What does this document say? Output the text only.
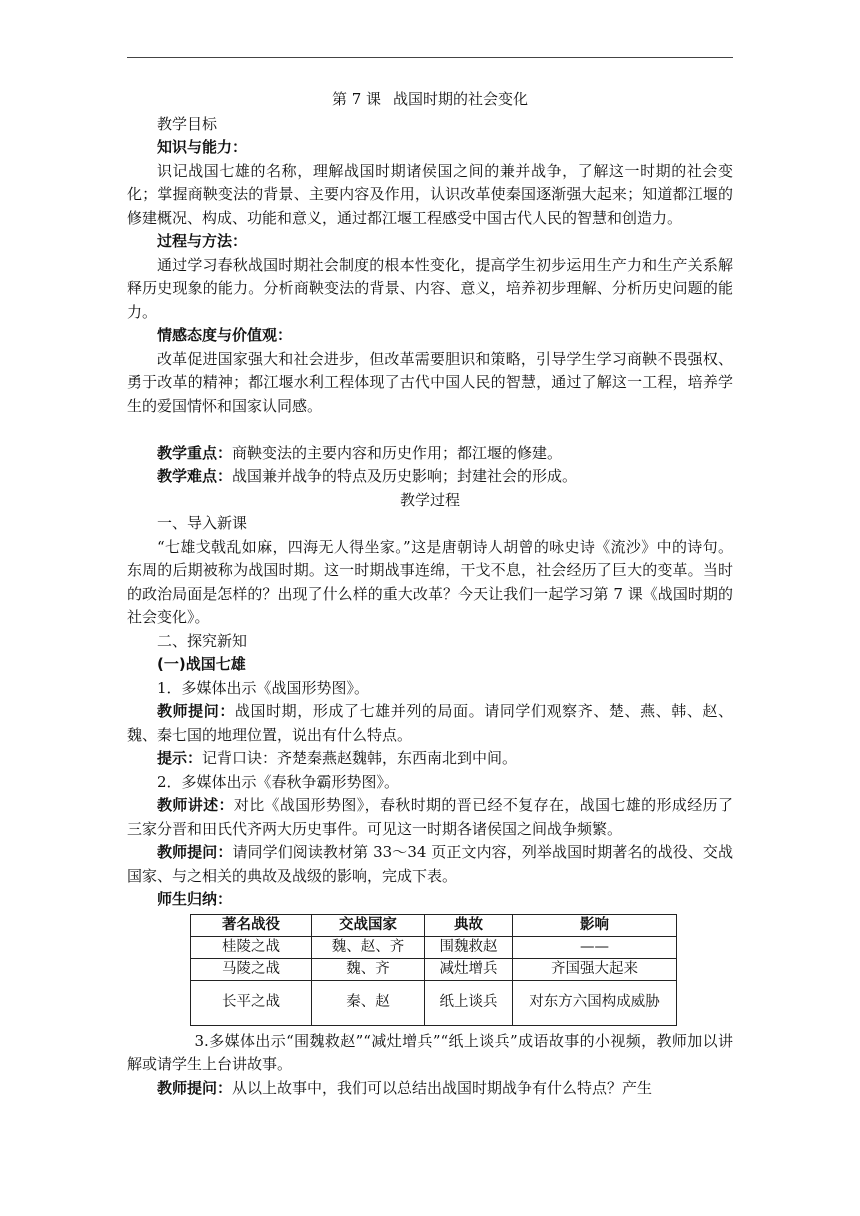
第 7 课 战国时期的社会变化

教学目标

知识与能力：

识记战国七雄的名称，理解战国时期诸侯国之间的兼并战争，了解这一时期的社会变化；掌握商鞅变法的背景、主要内容及作用，认识改革使秦国逐渐强大起来；知道都江堰的修建概况、构成、功能和意义，通过都江堰工程感受中国古代人民的智慧和创造力。

过程与方法：

通过学习春秋战国时期社会制度的根本性变化，提高学生初步运用生产力和生产关系解释历史现象的能力。分析商鞅变法的背景、内容、意义，培养初步理解、分析历史问题的能力。

情感态度与价值观：

改革促进国家强大和社会进步，但改革需要胆识和策略，引导学生学习商鞅不畏强权、勇于改革的精神；都江堰水利工程体现了古代中国人民的智慧，通过了解这一工程，培养学生的爱国情怀和国家认同感。

教学重点：商鞅变法的主要内容和历史作用；都江堰的修建。

教学难点：战国兼并战争的特点及历史影响；封建社会的形成。

教学过程

一、导入新课

“七雄戈戟乱如麻，四海无人得坐家。”这是唐朝诗人胡曾的咏史诗《流沙》中的诗句。东周的后期被称为战国时期。这一时期战事连绵，干戈不息，社会经历了巨大的变革。当时的政治局面是怎样的？出现了什么样的重大改革？今天让我们一起学习第 7 课《战国时期的社会变化》。

二、探究新知

(一)战国七雄

1．多媒体出示《战国形势图》。

教师提问：战国时期，形成了七雄并列的局面。请同学们观察齐、楚、燕、韩、赵、魏、秦七国的地理位置，说出有什么特点。

提示：记背口诀：齐楚秦燕赵魏韩，东西南北到中间。

2．多媒体出示《春秋争霸形势图》。

教师讲述：对比《战国形势图》，春秋时期的晋已经不复存在，战国七雄的形成经历了三家分晋和田氏代齐两大历史事件。可见这一时期各诸侯国之间战争频繁。

教师提问：请同学们阅读教材第 33～34 页正文内容，列举战国时期著名的战役、交战国家、与之相关的典故及战级的影响，完成下表。

师生归纳：

著名战役	交战国家	典故	影响
桂陵之战	魏、赵、齐	围魏救赵	——
马陵之战	魏、齐	减灶增兵	齐国强大起来
长平之战	秦、赵	纸上谈兵	对东方六国构成威胁

3.多媒体出示“围魏救赵”“减灶增兵”“纸上谈兵”成语故事的小视频，教师加以讲解或请学生上台讲故事。

教师提问：从以上故事中，我们可以总结出战国时期战争有什么特点？产生
